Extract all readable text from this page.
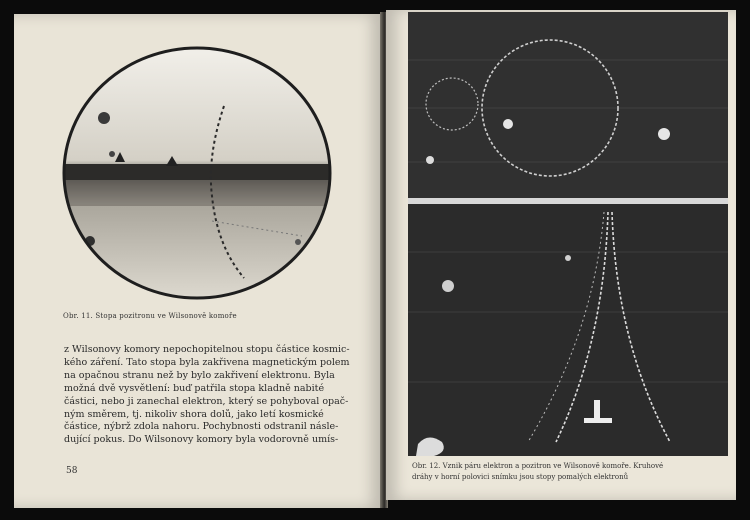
Obr. 11. Stopa pozitronu ve Wilsonově komoře

z Wilsonovy komory nepochopitelnou stopu částice kosmic-

kého záření. Tato stopa byla zakřivena magnetickým polem

na opačnou stranu než by bylo zakřivení elektronu. Byla

možná dvě vysvětlení: buď patřila stopa kladně nabité

částici, nebo ji zanechal elektron, který se pohyboval opač-

ným směrem, tj. nikoliv shora dolů, jako letí kosmické

částice, nýbrž zdola nahoru. Pochybnosti odstranil násle-

dující pokus. Do Wilsonovy komory byla vodorovně umís-

58	Obr. 12. Vznik páru elektron a pozitron ve Wilsonově komoře. Kruhové
dráhy v horní polovici snímku jsou stopy pomalých elektronů
